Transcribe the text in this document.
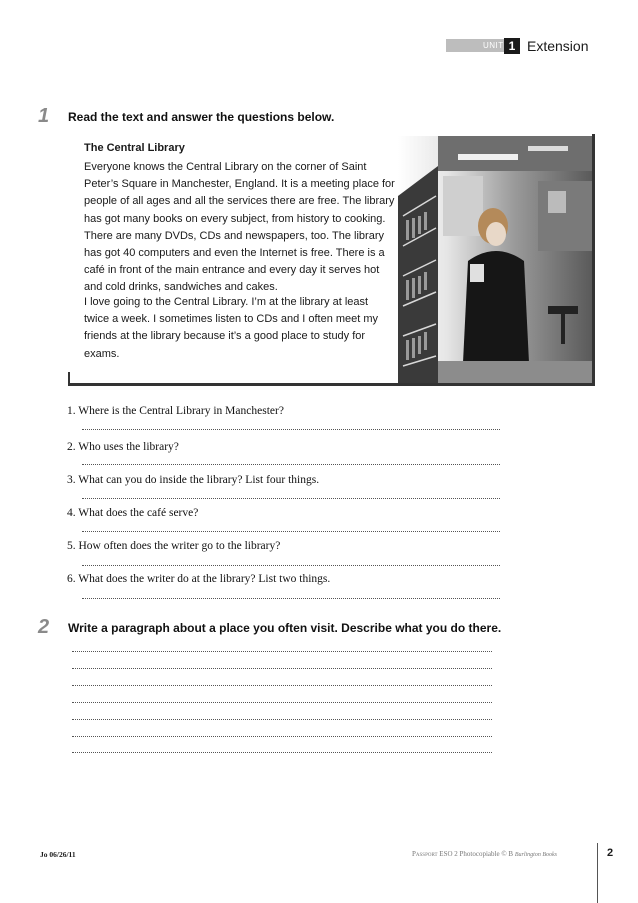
UNIT 1 Extension
1 Read the text and answer the questions below.
The Central Library
Everyone knows the Central Library on the corner of Saint Peter’s Square in Manchester, England. It is a meeting place for people of all ages and all the services there are free. The library has got many books on every subject, from history to cooking. There are many DVDs, CDs and newspapers, too. The library has got 40 computers and even the Internet is free. There is a café in front of the main entrance and every day it serves hot and cold drinks, sandwiches and cakes.
I love going to the Central Library. I’m at the library at least twice a week. I sometimes listen to CDs and I often meet my friends at the library because it’s a good place to study for exams.
1. Where is the Central Library in Manchester?
2. Who uses the library?
3. What can you do inside the library? List four things.
4. What does the café serve?
5. How often does the writer go to the library?
6. What does the writer do at the library? List two things.
2 Write a paragraph about a place you often visit. Describe what you do there.
Jo 06/26/11	Passport ESO 2 Photocopiable © B Burlington Books	2
